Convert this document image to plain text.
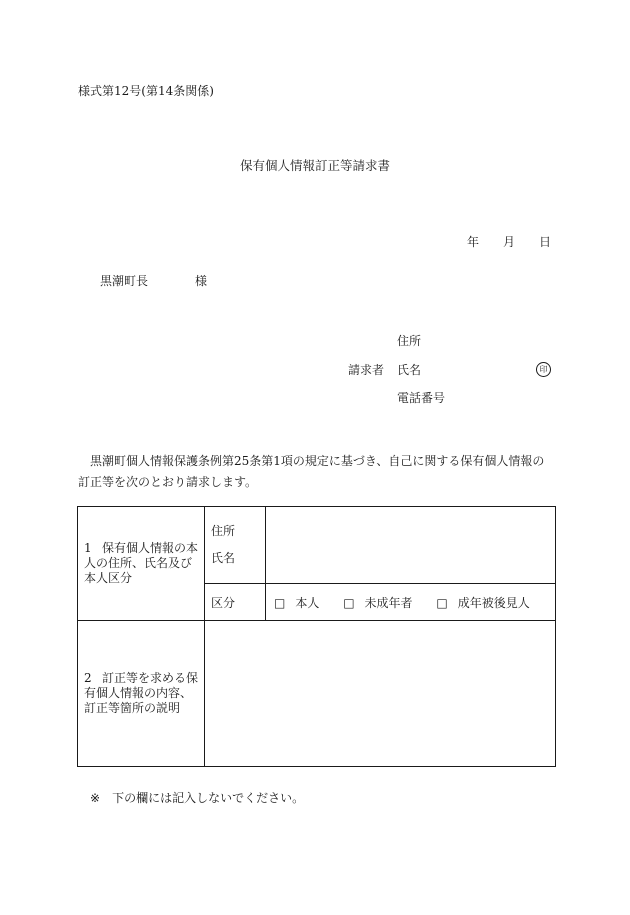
様式第12号(第14条関係)
保有個人情報訂正等請求書
年 月 日
黒潮町長	様
住所
請求者 氏名	印
電話番号
黒潮町個人情報保護条例第25条第1項の規定に基づき、自己に関する保有個人情報の訂正等を次のとおり請求します。
1 保有個人情報の本人の住所、氏名及び本人区分	住所
氏名	

	区分	□ 本人 □ 未成年者 □ 成年被後見人
2 訂正等を求める保有個人情報の内容、訂正等箇所の説明		
※ 下の欄には記入しないでください。
